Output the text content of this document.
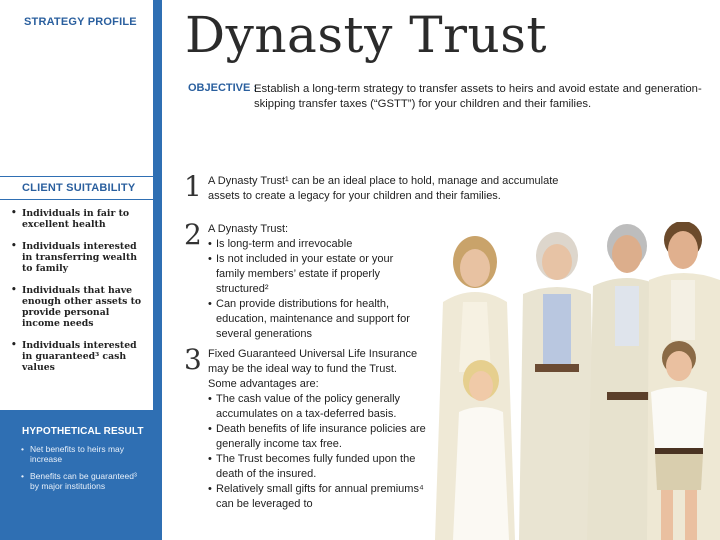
STRATEGY PROFILE
CLIENT SUITABILITY
• Individuals in fair to excellent health
• Individuals interested in transferring wealth to family
• Individuals that have enough other assets to provide personal income needs
• Individuals interested in guaranteed³ cash values
HYPOTHETICAL RESULT
• Net benefits to heirs may increase
• Benefits can be guaranteed³ by major institutions
Dynasty Trust
OBJECTIVE :
Establish a long-term strategy to transfer assets to heirs and avoid estate and generation-skipping transfer taxes (“GSTT”) for your children and their families.
1 A Dynasty Trust¹ can be an ideal place to hold, manage and accumulate assets to create a legacy for your children and their families.
2 A Dynasty Trust:
• Is long-term and irrevocable
• Is not included in your estate or your family members’ estate if properly structured²
• Can provide distributions for health, education, maintenance and support for several generations
3 Fixed Guaranteed Universal Life Insurance may be the ideal way to fund the Trust.
Some advantages are:
• The cash value of the policy generally accumulates on a tax-deferred basis.
• Death benefits of life insurance policies are generally income tax free.
• The Trust becomes fully funded upon the death of the insured.
• Relatively small gifts for annual premiums⁴ can be leveraged to
